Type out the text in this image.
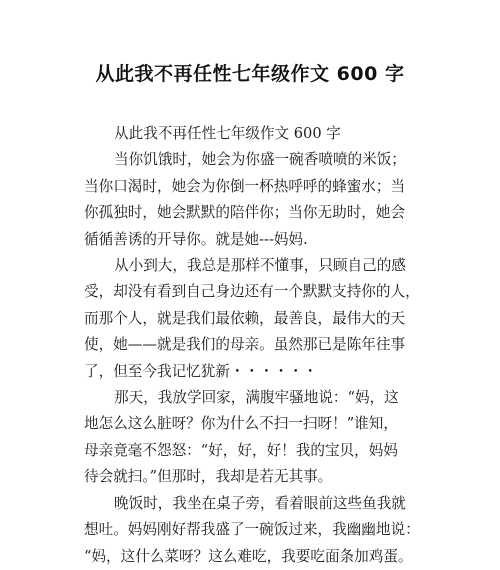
从此我不再任性七年级作文 600 字

从此我不再任性七年级作文 600 字

当你饥饿时，她会为你盛一碗香喷喷的米饭；
当你口渴时，她会为你倒一杯热呼呼的蜂蜜水；当
你孤独时，她会默默的陪伴你；当你无助时，她会
循循善诱的开导你。就是她---妈妈.

从小到大，我总是那样不懂事，只顾自己的感
受，却没有看到自己身边还有一个默默支持你的人，
而那个人，就是我们最依赖，最善良，最伟大的天
使，她——就是我们的母亲。虽然那已是陈年往事
了，但至今我记忆犹新・・・・・・

那天，我放学回家，满腹牢骚地说：“妈，这
地怎么这么脏呀？你为什么不扫一扫呀！”谁知，
母亲竟毫不怨怒：“好，好，好！我的宝贝，妈妈
待会就扫。”但那时，我却是若无其事。

晚饭时，我坐在桌子旁，看着眼前这些鱼我就
想吐。妈妈刚好帮我盛了一碗饭过来，我幽幽地说：
“妈，这什么菜呀？这么难吃，我要吃面条加鸡蛋。
